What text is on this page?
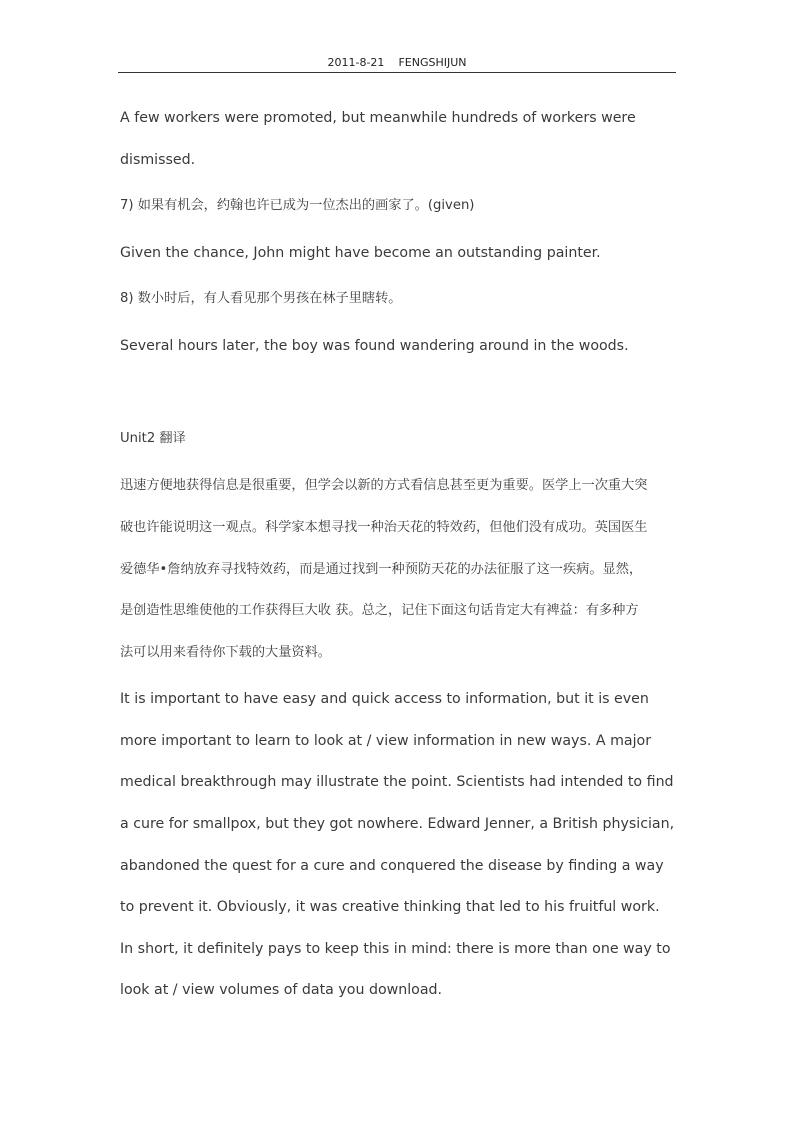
2011-8-21 FENGSHIJUN
A few workers were promoted, but meanwhile hundreds of workers were
dismissed.
7) 如果有机会，约翰也许已成为一位杰出的画家了。(given)
Given the chance, John might have become an outstanding painter.
8) 数小时后，有人看见那个男孩在林子里瞎转。
Several hours later, the boy was found wandering around in the woods.
Unit2 翻译
迅速方便地获得信息是很重要，但学会以新的方式看信息甚至更为重要。医学上一次重大突
破也许能说明这一观点。科学家本想寻找一种治天花的特效药，但他们没有成功。英国医生
爱德华•詹纳放弃寻找特效药，而是通过找到一种预防天花的办法征服了这一疾病。显然，
是创造性思维使他的工作获得巨大收 获。总之，记住下面这句话肯定大有裨益：有多种方
法可以用来看待你下载的大量资料。
It is important to have easy and quick access to information, but it is even
more important to learn to look at / view information in new ways. A major
medical breakthrough may illustrate the point. Scientists had intended to find
a cure for smallpox, but they got nowhere. Edward Jenner, a British physician,
abandoned the quest for a cure and conquered the disease by finding a way
to prevent it. Obviously, it was creative thinking that led to his fruitful work.
In short, it definitely pays to keep this in mind: there is more than one way to
look at / view volumes of data you download.
